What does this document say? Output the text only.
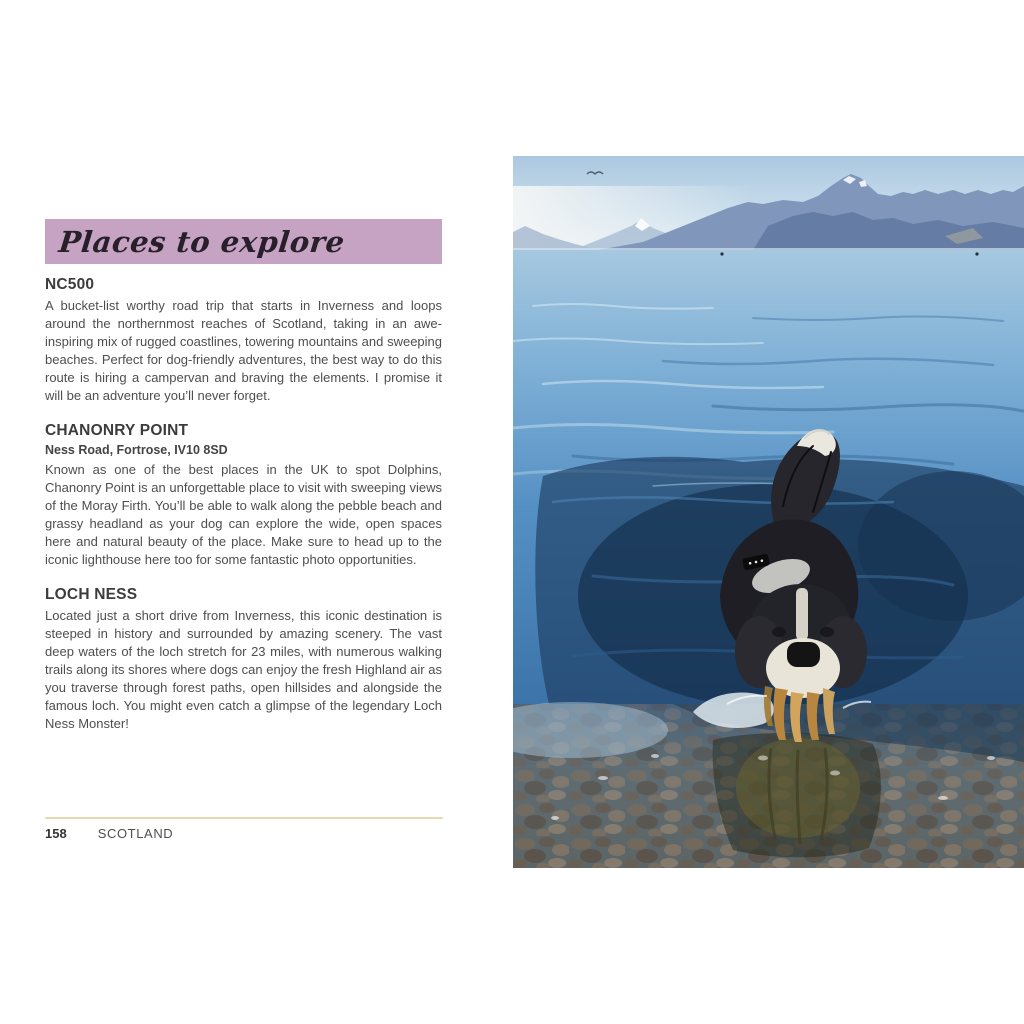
Places to explore
NC500

A bucket-list worthy road trip that starts in Inverness and loops around the northernmost reaches of Scotland, taking in an awe-inspiring mix of rugged coastlines, towering mountains and sweeping beaches. Perfect for dog-friendly adventures, the best way to do this route is hiring a campervan and braving the elements. I promise it will be an adventure you’ll never forget.

CHANONRY POINT
Ness Road, Fortrose, IV10 8SD

Known as one of the best places in the UK to spot Dolphins, Chanonry Point is an unforgettable place to visit with sweeping views of the Moray Firth. You’ll be able to walk along the pebble beach and grassy headland as your dog can explore the wide, open spaces here and natural beauty of the place. Make sure to head up to the iconic lighthouse here too for some fantastic photo opportunities.

LOCH NESS

Located just a short drive from Inverness, this iconic destination is steeped in history and surrounded by amazing scenery. The vast deep waters of the loch stretch for 23 miles, with numerous walking trails along its shores where dogs can enjoy the fresh Highland air as you traverse through forest paths, open hillsides and alongside the famous loch. You might even catch a glimpse of the legendary Loch Ness Monster!

158 SCOTLAND
